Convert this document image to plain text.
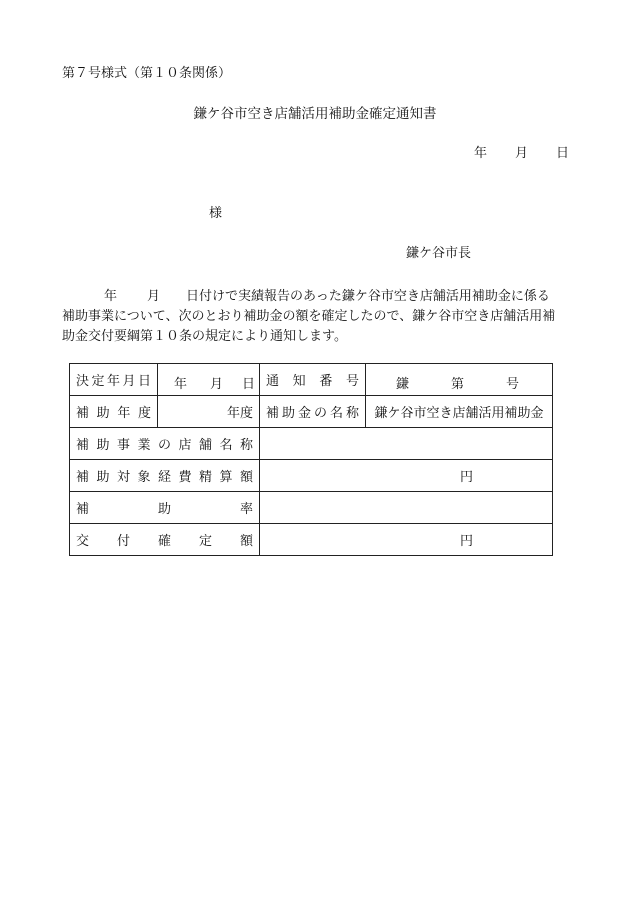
第７号様式（第１０条関係）
鎌ケ谷市空き店舗活用補助金確定通知書
年 月 日
様
鎌ケ谷市長
年 月 日付けで実績報告のあった鎌ケ谷市空き店舗活用補助金に係る
補助事業について、次のとおり補助金の額を確定したので、鎌ケ谷市空き店舗活用補
助金交付要綱第１０条の規定により通知します。
決定年月日	年 月 日	通知番号	鎌 第 号

補助年度	年度	補助金の名称	鎌ケ谷市空き店舗活用補助金
補助事業の店舗名称			
補助対象経費精算額		円	
補助率			
交付確定額		円	
